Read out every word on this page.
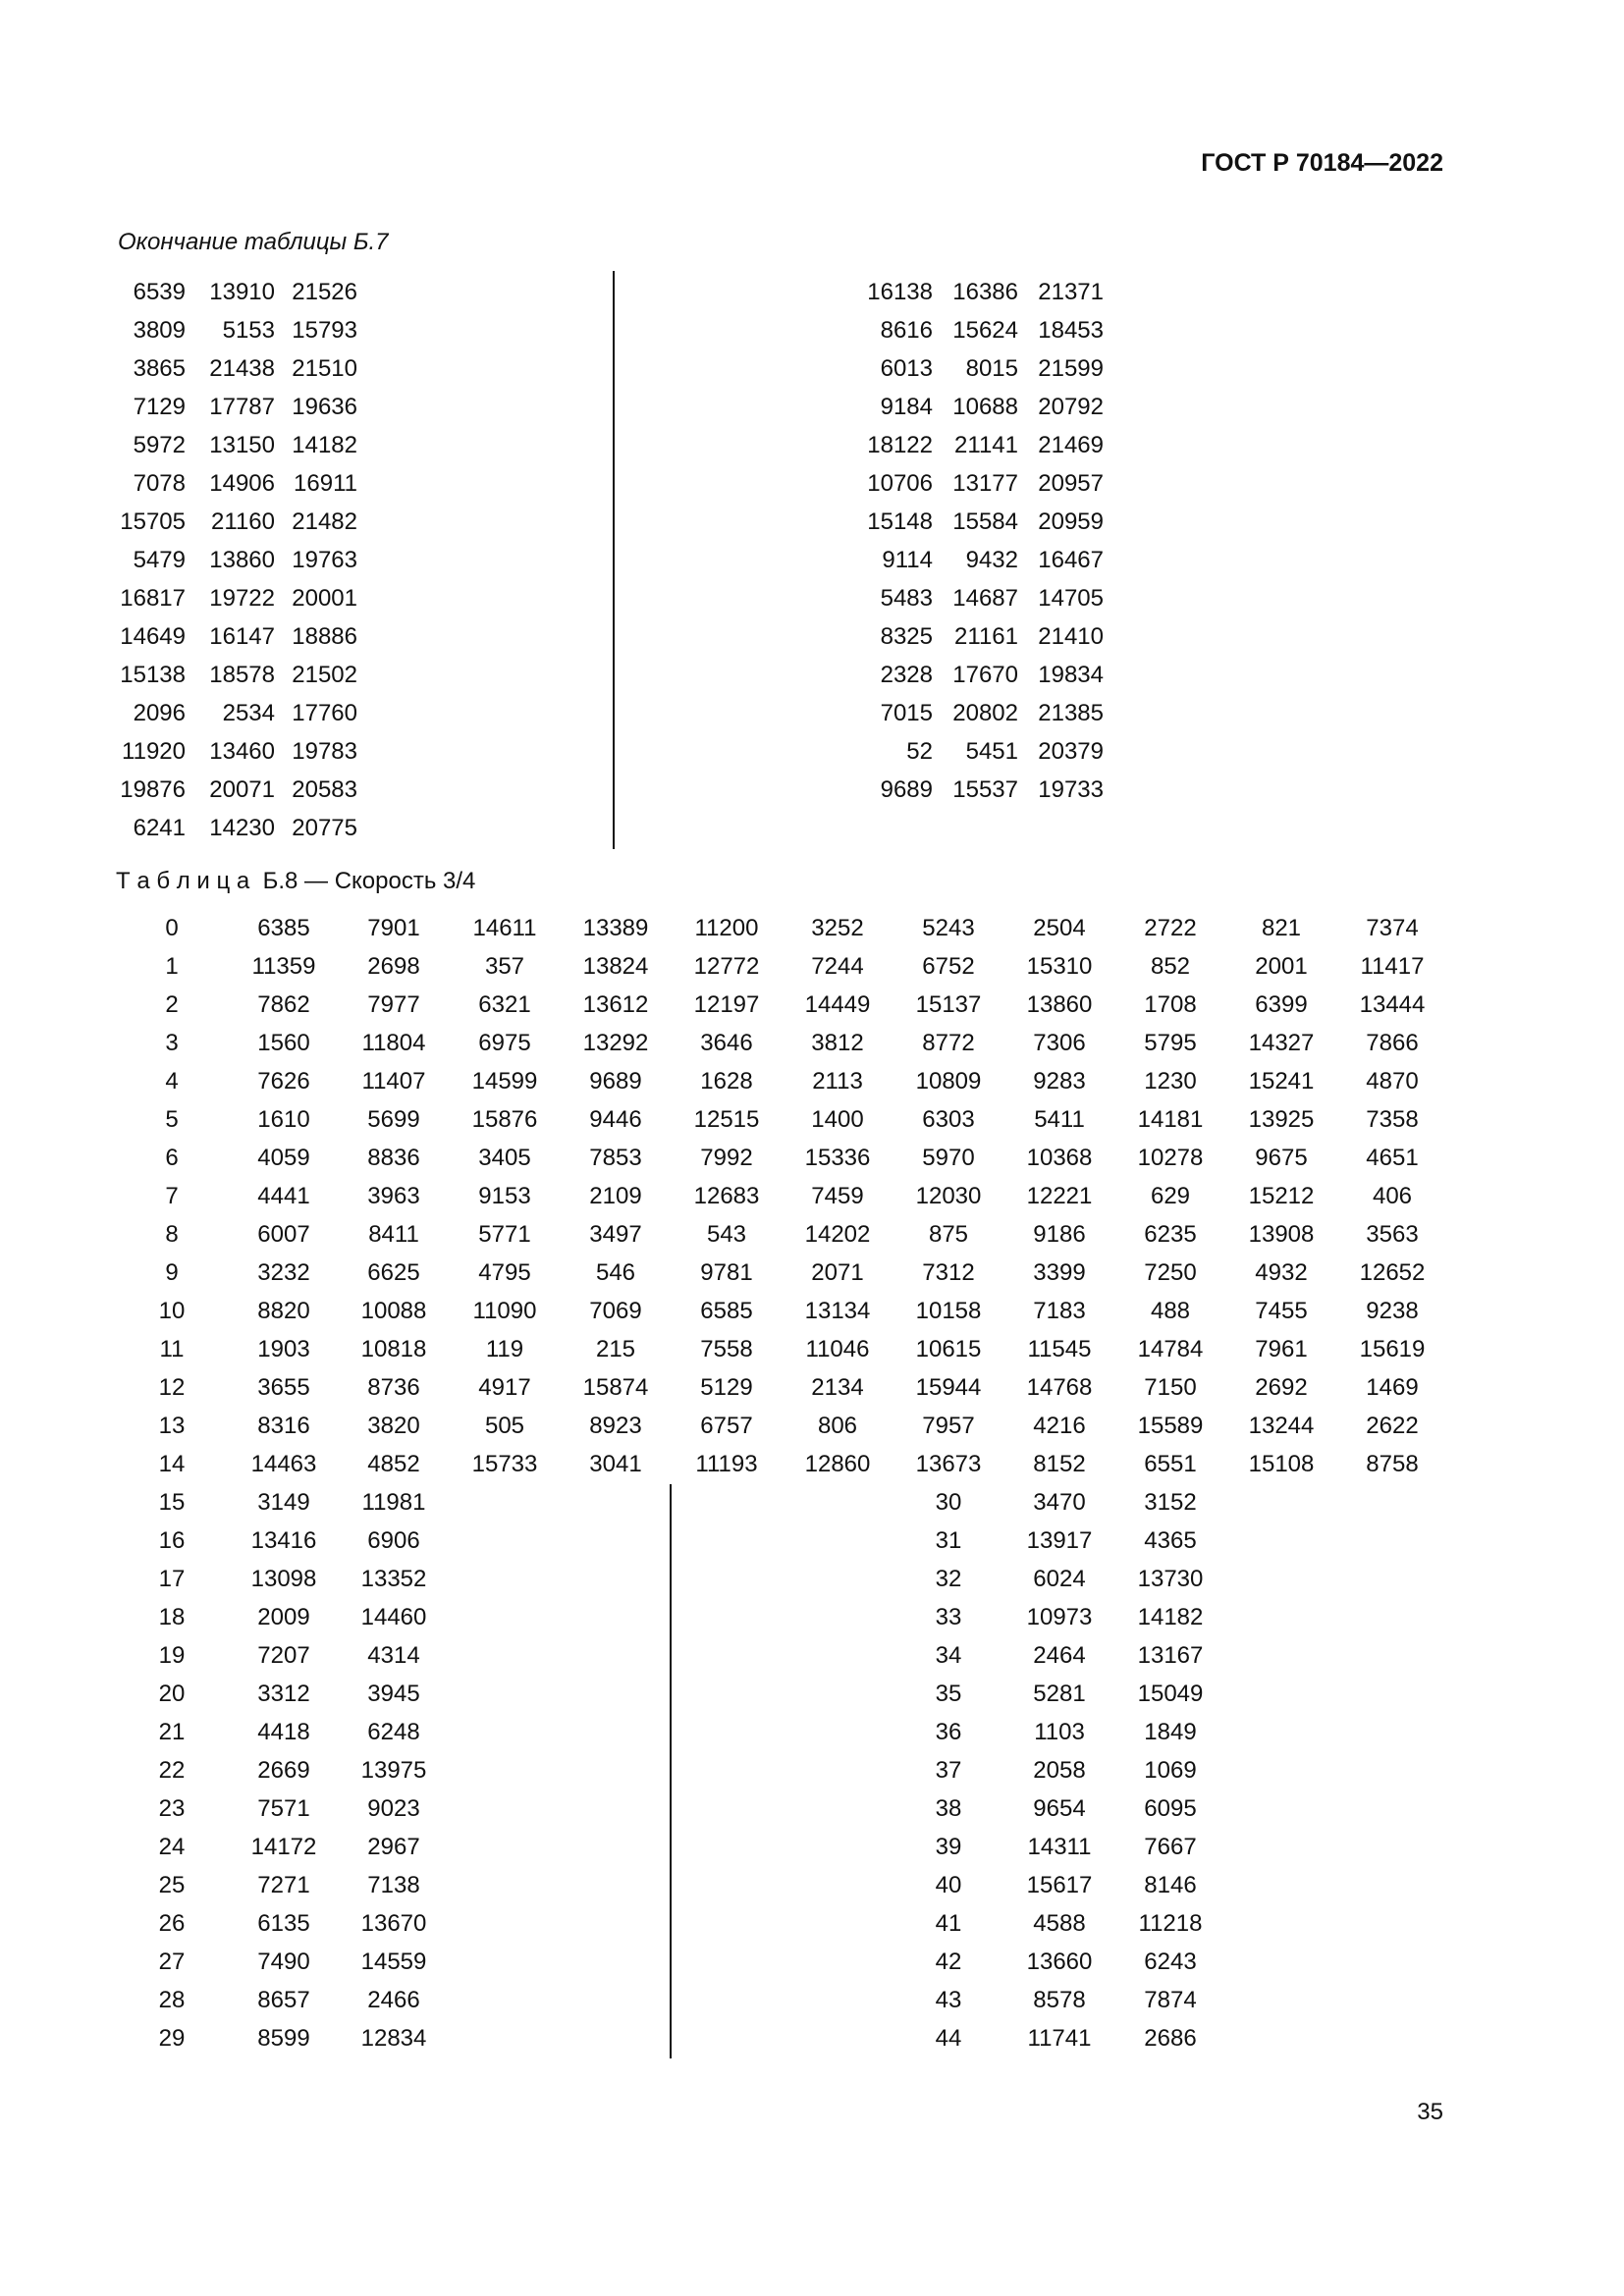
ГОСТ Р 70184—2022
Окончание таблицы Б.7
6539 13910 21526
3809 5153 15793
3865 21438 21510
7129 17787 19636
5972 13150 14182
7078 14906 16911
15705 21160 21482
5479 13860 19763
16817 19722 20001
14649 16147 18886
15138 18578 21502
2096 2534 17760
11920 13460 19783
19876 20071 20583
6241 14230 20775
16138 16386 21371
8616 15624 18453
6013 8015 21599
9184 10688 20792
18122 21141 21469
10706 13177 20957
15148 15584 20959
9114 9432 16467
5483 14687 14705
8325 21161 21410
2328 17670 19834
7015 20802 21385
52 5451 20379
9689 15537 19733
Т а б л и ц а  Б.8 — Скорость 3/4
0	6385 7901 14611 13389 11200 3252 5243 2504 2722	821	7374
1	11359 2698	357 13824 12772 7244 6752 15310 852	2001 11417
2	7862 7977 6321 13612 12197 14449 15137 13860 1708 6399 13444
3	1560 11804 6975 13292 3646 3812 8772 7306 5795 14327 7866
4	7626 11407 14599 9689 1628	2113 10809 9283 1230 15241 4870
5	1610 5699 15876 9446 12515 1400 6303	5411 14181 13925 7358
6	4059 8836 3405 7853 7992 15336 5970 10368 10278 9675 4651
7	4441 3963 9153 2109 12683 7459 12030 12221 629 15212 406
8	6007 8411	5771 3497	543 14202 875	9186 6235 13908 3563
9	3232 6625 4795	546	9781 2071 7312 3399 7250 4932 12652
10	8820 10088 11090 7069 6585 13134 10158 7183	488	7455 9238
11	1903 10818	119	215	7558 11046 10615 11545 14784 7961 15619
12	3655 8736 4917 15874 5129 2134 15944 14768 7150 2692 1469
13	8316 3820	505	8923 6757	806	7957 4216 15589 13244 2622
14	14463 4852 15733 3041 11193 12860 13673 8152 6551 15108 8758
15	3149 11981
16	13416 6906
17	13098 13352
18	2009 14460
19	7207 4314
20	3312 3945
21	4418 6248
22	2669 13975
23	7571 9023
24	14172 2967
25	7271 7138
26	6135 13670
27	7490 14559
28	8657 2466
29	8599 12834
30	3470 3152
31	13917 4365
32	6024 13730
33	10973 14182
34	2464 13167
35	5281 15049
36	1103	1849
37	2058 1069
38	9654 6095
39	14311 7667
40	15617 8146
41	4588 11218
42	13660 6243
43	8578 7874
44	11741 2686
35
